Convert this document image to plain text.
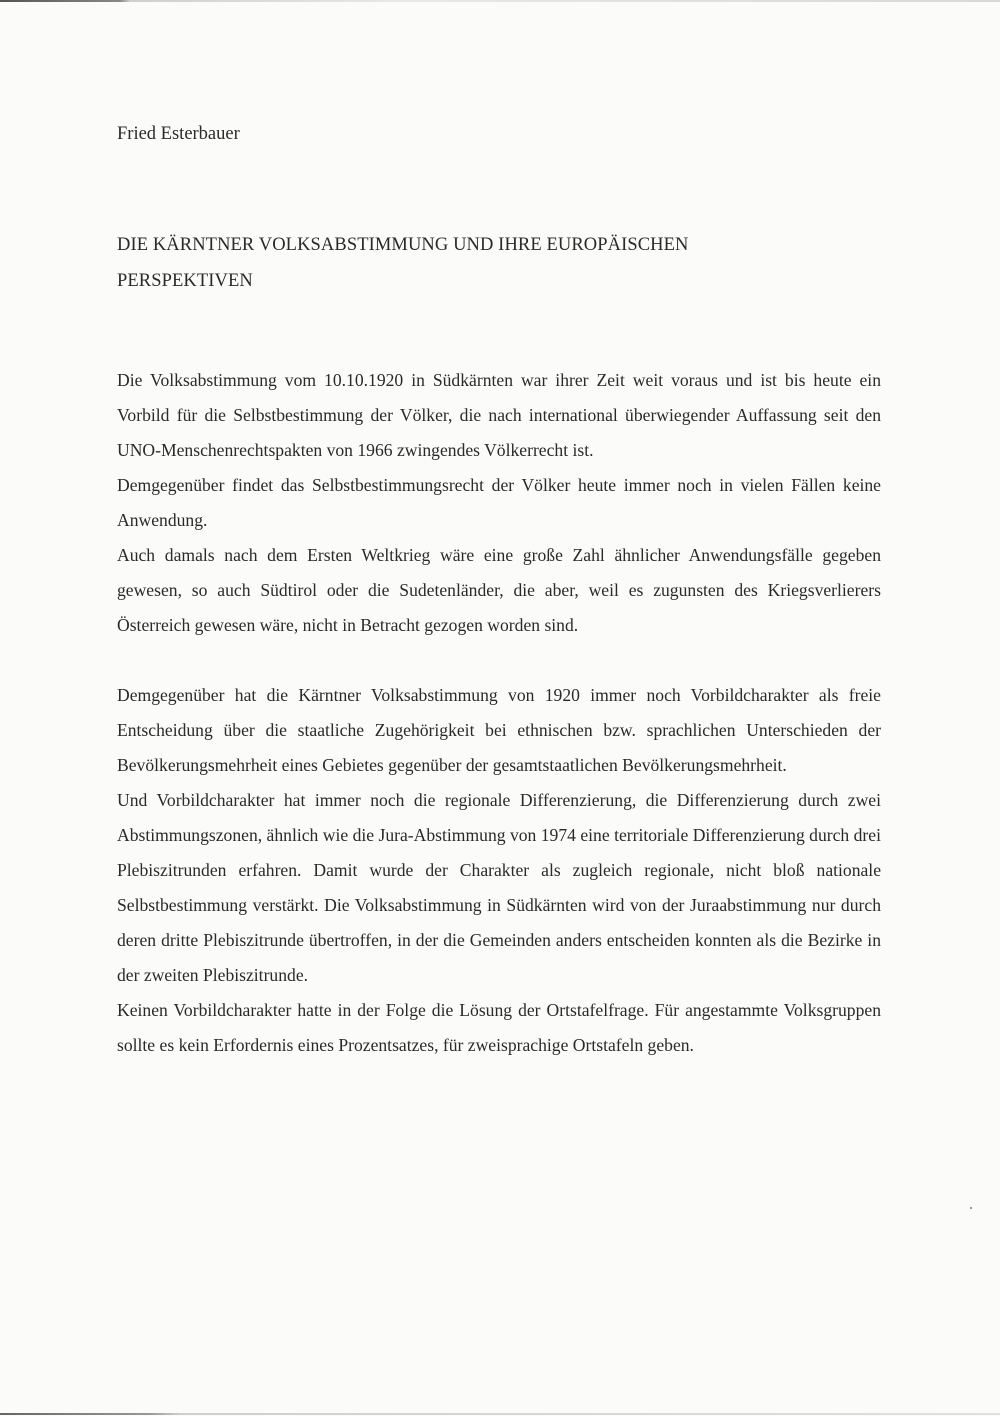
Fried Esterbauer

DIE KÄRNTNER VOLKSABSTIMMUNG UND IHRE EUROPÄISCHEN
PERSPEKTIVEN

Die Volksabstimmung vom 10.10.1920 in Südkärnten war ihrer Zeit weit voraus und ist bis heute ein Vorbild für die Selbstbestimmung der Völker, die nach international überwiegender Auffassung seit den UNO-Menschenrechtspakten von 1966 zwingendes Völkerrecht ist.

Demgegenüber findet das Selbstbestimmungsrecht der Völker heute immer noch in vielen Fällen keine Anwendung.

Auch damals nach dem Ersten Weltkrieg wäre eine große Zahl ähnlicher Anwendungsfälle gegeben gewesen, so auch Südtirol oder die Sudetenländer, die aber, weil es zugunsten des Kriegsverlierers Österreich gewesen wäre, nicht in Betracht gezogen worden sind.

Demgegenüber hat die Kärntner Volksabstimmung von 1920 immer noch Vorbildcharakter als freie Entscheidung über die staatliche Zugehörigkeit bei ethnischen bzw. sprachlichen Unterschieden der Bevölkerungsmehrheit eines Gebietes gegenüber der gesamtstaatlichen Bevölkerungsmehrheit.

Und Vorbildcharakter hat immer noch die regionale Differenzierung, die Differenzierung durch zwei Abstimmungszonen, ähnlich wie die Jura-Abstimmung von 1974 eine territoriale Differenzierung durch drei Plebiszitrunden erfahren. Damit wurde der Charakter als zugleich regionale, nicht bloß nationale Selbstbestimmung verstärkt. Die Volksabstimmung in Südkärnten wird von der Juraabstimmung nur durch deren dritte Plebiszitrunde übertroffen, in der die Gemeinden anders entscheiden konnten als die Bezirke in der zweiten Plebiszitrunde.

Keinen Vorbildcharakter hatte in der Folge die Lösung der Ortstafelfrage. Für angestammte Volksgruppen sollte es kein Erfordernis eines Prozentsatzes, für zweisprachige Ortstafeln geben.
